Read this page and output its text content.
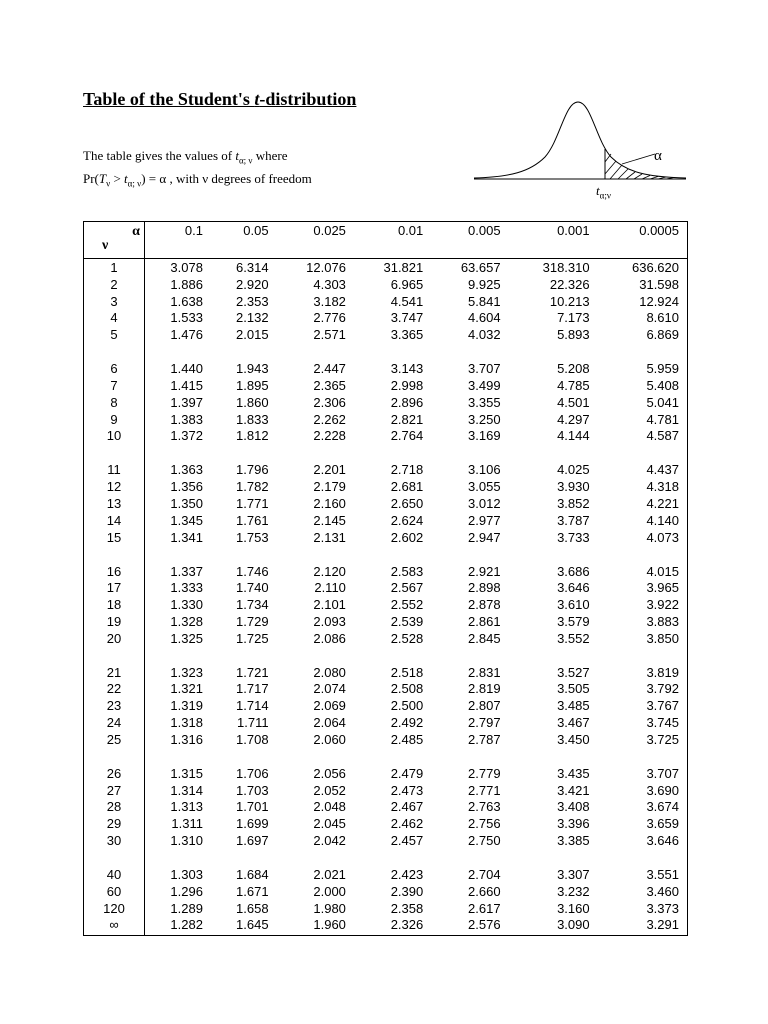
Table of the Student's t-distribution
The table gives the values of $t_{\alpha; \nu}$ where
$Pr(T_\nu > t_{\alpha; \nu}) = \alpha$ , with ν degrees of freedom
α
$t_{\alpha;\nu}$
α
ν	0.1	0.05	0.025	0.01	0.005	0.001	0.0005
1	3.078	6.314	12.076	31.821	63.657	318.310	636.620
2	1.886	2.920	4.303	6.965	9.925	22.326	31.598
3	1.638	2.353	3.182	4.541	5.841	10.213	12.924
4	1.533	2.132	2.776	3.747	4.604	7.173	8.610
5	1.476	2.015	2.571	3.365	4.032	5.893	6.869

6	1.440	1.943	2.447	3.143	3.707	5.208	5.959
7	1.415	1.895	2.365	2.998	3.499	4.785	5.408
8	1.397	1.860	2.306	2.896	3.355	4.501	5.041
9	1.383	1.833	2.262	2.821	3.250	4.297	4.781
10	1.372	1.812	2.228	2.764	3.169	4.144	4.587

11	1.363	1.796	2.201	2.718	3.106	4.025	4.437
12	1.356	1.782	2.179	2.681	3.055	3.930	4.318
13	1.350	1.771	2.160	2.650	3.012	3.852	4.221
14	1.345	1.761	2.145	2.624	2.977	3.787	4.140
15	1.341	1.753	2.131	2.602	2.947	3.733	4.073

16	1.337	1.746	2.120	2.583	2.921	3.686	4.015
17	1.333	1.740	2.110	2.567	2.898	3.646	3.965
18	1.330	1.734	2.101	2.552	2.878	3.610	3.922
19	1.328	1.729	2.093	2.539	2.861	3.579	3.883
20	1.325	1.725	2.086	2.528	2.845	3.552	3.850

21	1.323	1.721	2.080	2.518	2.831	3.527	3.819
22	1.321	1.717	2.074	2.508	2.819	3.505	3.792
23	1.319	1.714	2.069	2.500	2.807	3.485	3.767
24	1.318	1.711	2.064	2.492	2.797	3.467	3.745
25	1.316	1.708	2.060	2.485	2.787	3.450	3.725

26	1.315	1.706	2.056	2.479	2.779	3.435	3.707
27	1.314	1.703	2.052	2.473	2.771	3.421	3.690
28	1.313	1.701	2.048	2.467	2.763	3.408	3.674
29	1.311	1.699	2.045	2.462	2.756	3.396	3.659
30	1.310	1.697	2.042	2.457	2.750	3.385	3.646

40	1.303	1.684	2.021	2.423	2.704	3.307	3.551
60	1.296	1.671	2.000	2.390	2.660	3.232	3.460
120	1.289	1.658	1.980	2.358	2.617	3.160	3.373
∞	1.282	1.645	1.960	2.326	2.576	3.090	3.291
